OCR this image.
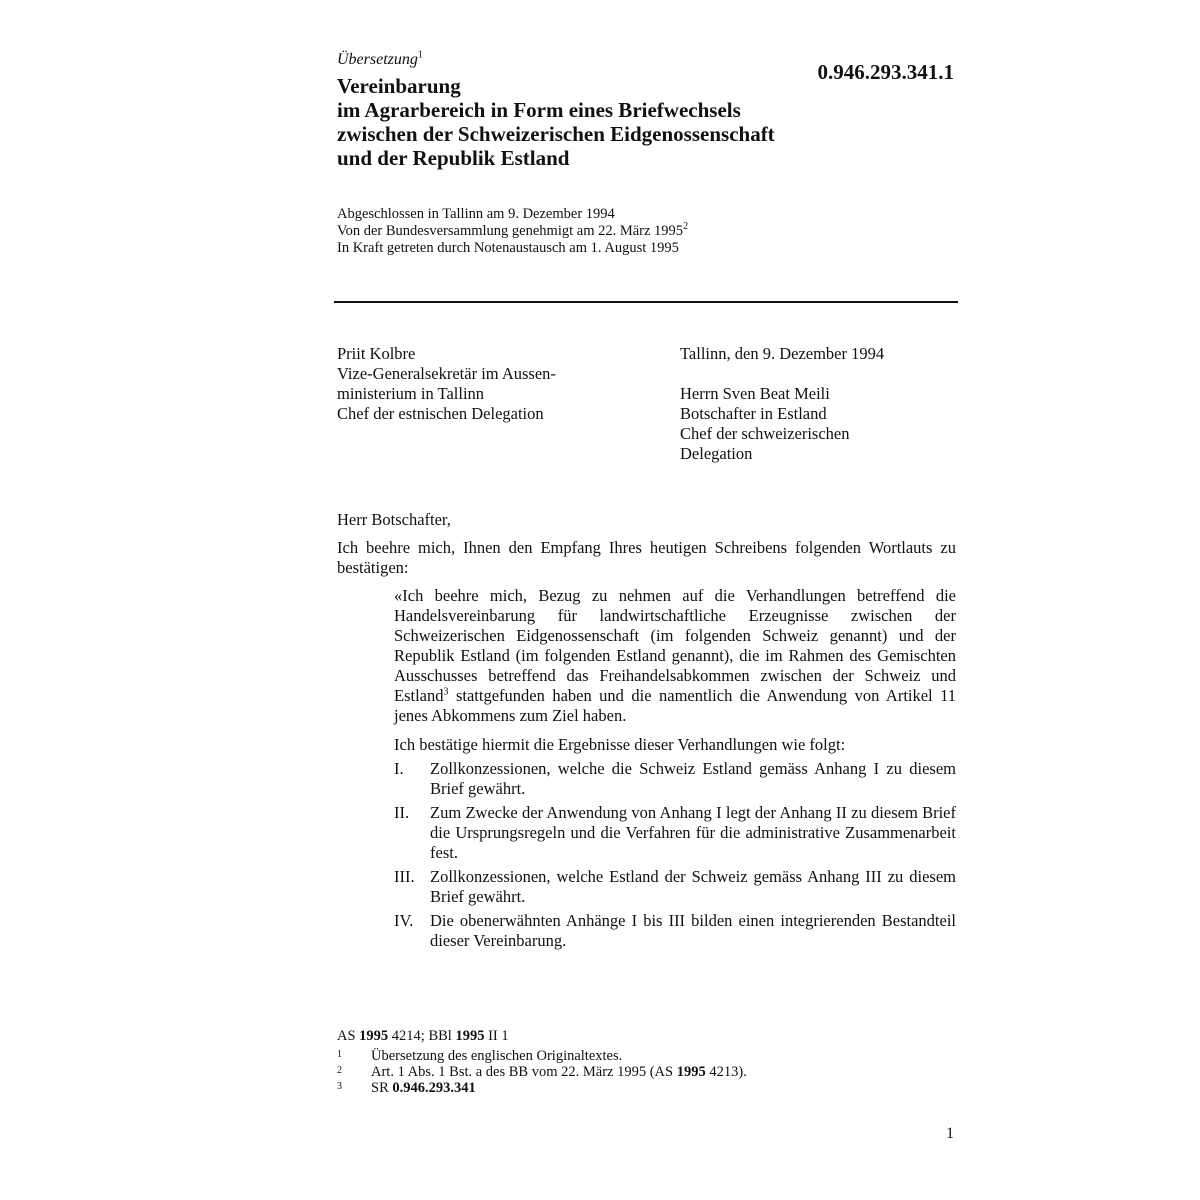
Übersetzung$^1$
0.946.293.341.1
Vereinbarung
im Agrarbereich in Form eines Briefwechsels
zwischen der Schweizerischen Eidgenossenschaft
und der Republik Estland
Abgeschlossen in Tallinn am 9. Dezember 1994
Von der Bundesversammlung genehmigt am 22. März 1995$^2$
In Kraft getreten durch Notenaustausch am 1. August 1995
Priit Kolbre
Vize-Generalsekretär im Aussen-
ministerium in Tallinn
Chef der estnischen Delegation
Tallinn, den 9. Dezember 1994
Herrn Sven Beat Meili
Botschafter in Estland
Chef der schweizerischen
Delegation
Herr Botschafter,
Ich beehre mich, Ihnen den Empfang Ihres heutigen Schreibens folgenden Wortlauts zu bestätigen:
«Ich beehre mich, Bezug zu nehmen auf die Verhandlungen betreffend die Handelsvereinbarung für landwirtschaftliche Erzeugnisse zwischen der Schweizerischen Eidgenossenschaft (im folgenden Schweiz genannt) und der Republik Estland (im folgenden Estland genannt), die im Rahmen des Gemischten Ausschusses betreffend das Freihandelsabkommen zwischen der Schweiz und Estland$^3$ stattgefunden haben und die namentlich die Anwendung von Artikel 11 jenes Abkommens zum Ziel haben.
Ich bestätige hiermit die Ergebnisse dieser Verhandlungen wie folgt:
I.	Zollkonzessionen, welche die Schweiz Estland gemäss Anhang I zu diesem Brief gewährt.
II.	Zum Zwecke der Anwendung von Anhang I legt der Anhang II zu diesem Brief die Ursprungsregeln und die Verfahren für die administrative Zusammenarbeit fest.
III. Zollkonzessionen, welche Estland der Schweiz gemäss Anhang III zu diesem Brief gewährt.
IV.	Die obenerwähnten Anhänge I bis III bilden einen integrierenden Bestandteil dieser Vereinbarung.
AS 1995 4214; BBl 1995 II 1
1	Übersetzung des englischen Originaltextes.
2	Art. 1 Abs. 1 Bst. a des BB vom 22. März 1995 (AS 1995 4213).
3	SR 0.946.293.341
1
